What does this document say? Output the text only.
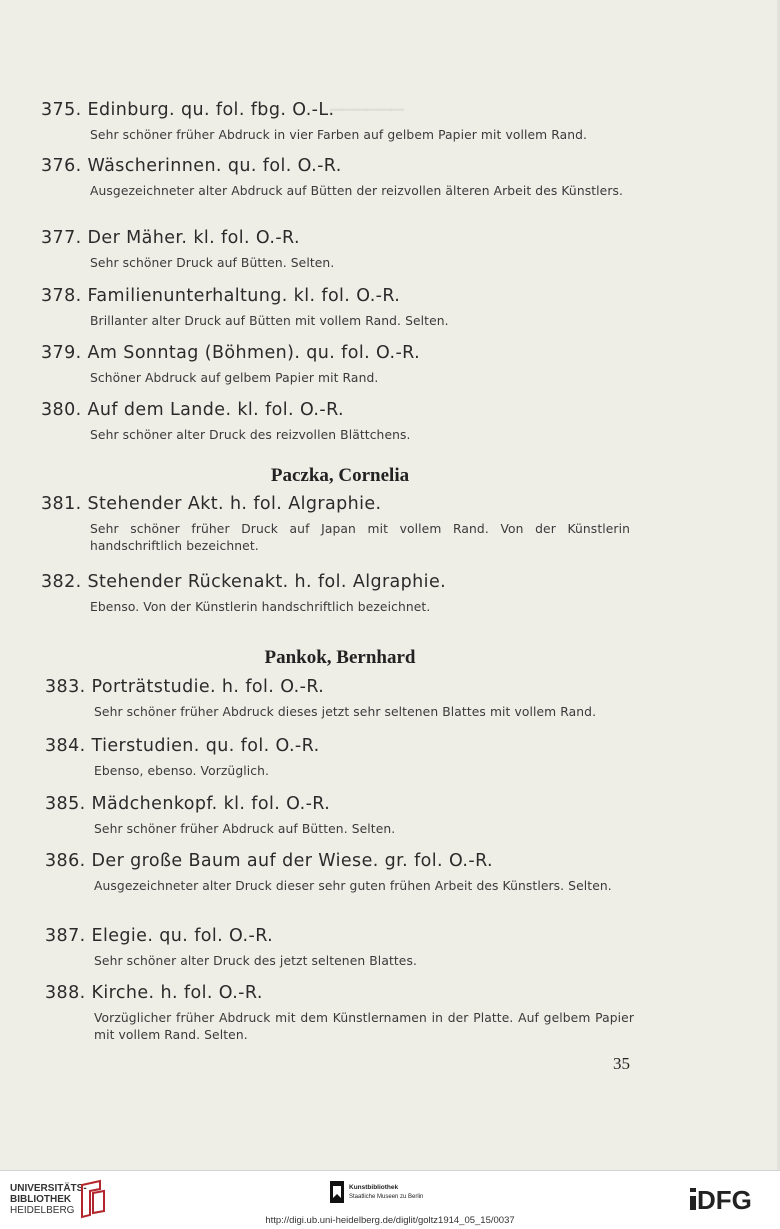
▁▁▁▁▁▁
375. Edinburg. qu. fol. fbg. O.-L.
Sehr schöner früher Abdruck in vier Farben auf gelbem Papier mit vollem Rand.
376. Wäscherinnen. qu. fol. O.-R.
Ausgezeichneter alter Abdruck auf Bütten der reizvollen älteren Arbeit des Künstlers.
377. Der Mäher. kl. fol. O.-R.
Sehr schöner Druck auf Bütten. Selten.
378. Familienunterhaltung. kl. fol. O.-R.
Brillanter alter Druck auf Bütten mit vollem Rand. Selten.
379. Am Sonntag (Böhmen). qu. fol. O.-R.
Schöner Abdruck auf gelbem Papier mit Rand.
380. Auf dem Lande. kl. fol. O.-R.
Sehr schöner alter Druck des reizvollen Blättchens.
Paczka, Cornelia
381. Stehender Akt. h. fol. Algraphie.
Sehr schöner früher Druck auf Japan mit vollem Rand. Von der Künstlerin handschriftlich bezeichnet.
382. Stehender Rückenakt. h. fol. Algraphie.
Ebenso. Von der Künstlerin handschriftlich bezeichnet.
Pankok, Bernhard
383. Porträtstudie. h. fol. O.-R.
Sehr schöner früher Abdruck dieses jetzt sehr seltenen Blattes mit vollem Rand.
384. Tierstudien. qu. fol. O.-R.
Ebenso, ebenso. Vorzüglich.
385. Mädchenkopf. kl. fol. O.-R.
Sehr schöner früher Abdruck auf Bütten. Selten.
386. Der große Baum auf der Wiese. gr. fol. O.-R.
Ausgezeichneter alter Druck dieser sehr guten frühen Arbeit des Künstlers. Selten.
387. Elegie. qu. fol. O.-R.
Sehr schöner alter Druck des jetzt seltenen Blattes.
388. Kirche. h. fol. O.-R.
Vorzüglicher früher Abdruck mit dem Künstlernamen in der Platte. Auf gelbem Papier mit vollem Rand. Selten.
35
UNIVERSITÄTS-
BIBLIOTHEK
HEIDELBERG
Kunstbibliothek
Staatliche Museen zu Berlin	DFG
http://digi.ub.uni-heidelberg.de/diglit/goltz1914_05_15/0037
